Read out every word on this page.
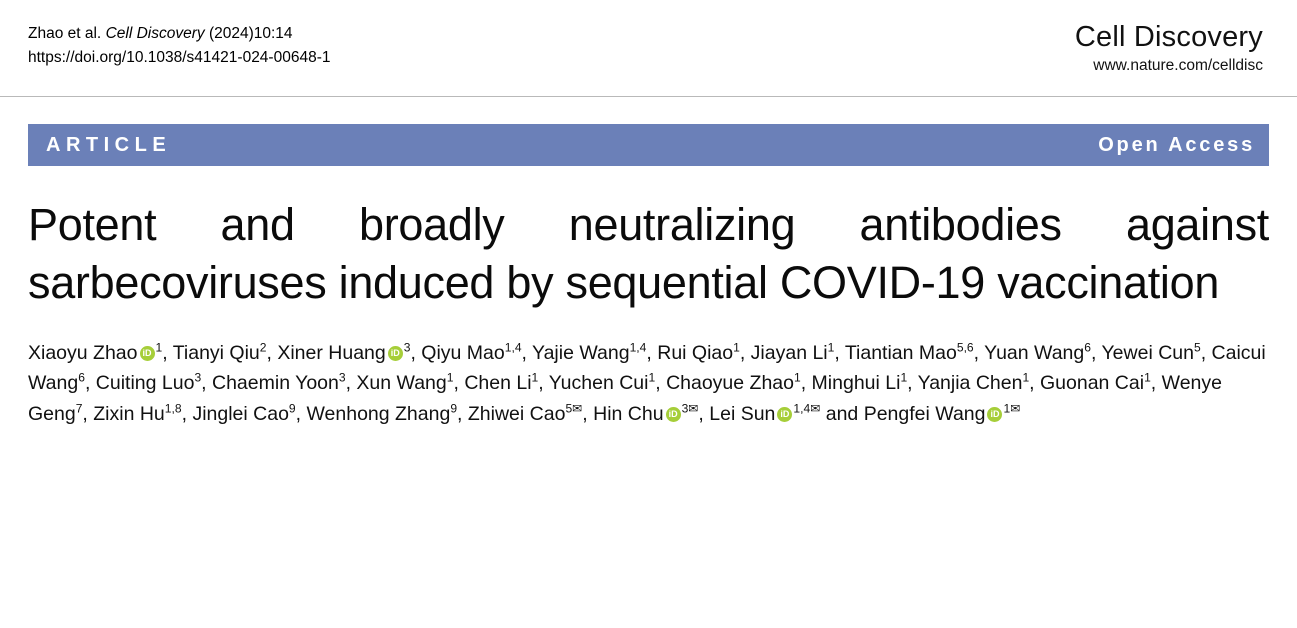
Zhao et al. Cell Discovery (2024)10:14
https://doi.org/10.1038/s41421-024-00648-1
Cell Discovery
www.nature.com/celldisc
ARTICLE	Open Access
Potent and broadly neutralizing antibodies against sarbecoviruses induced by sequential COVID-19 vaccination
Xiaoyu Zhao iD $^1$, Tianyi Qiu$^2$, Xiner Huang iD $^3$, Qiyu Mao$^{1,4}$, Yajie Wang$^{1,4}$, Rui Qiao$^1$, Jiayan Li$^1$, Tiantian Mao$^{5,6}$, Yuan Wang$^6$, Yewei Cun$^5$, Caicui Wang$^6$, Cuiting Luo$^3$, Chaemin Yoon$^3$, Xun Wang$^1$, Chen Li$^1$, Yuchen Cui$^1$, Chaoyue Zhao$^1$, Minghui Li$^1$, Yanjia Chen$^1$, Guonan Cai$^1$, Wenye Geng$^7$, Zixin Hu$^{1,8}$, Jinglei Cao$^9$, Wenhong Zhang$^9$, Zhiwei Cao$^{5✉}$, Hin Chu iD $^{3✉}$, Lei Sun iD $^{1,4✉}$ and Pengfei Wang iD $^{1✉}$
